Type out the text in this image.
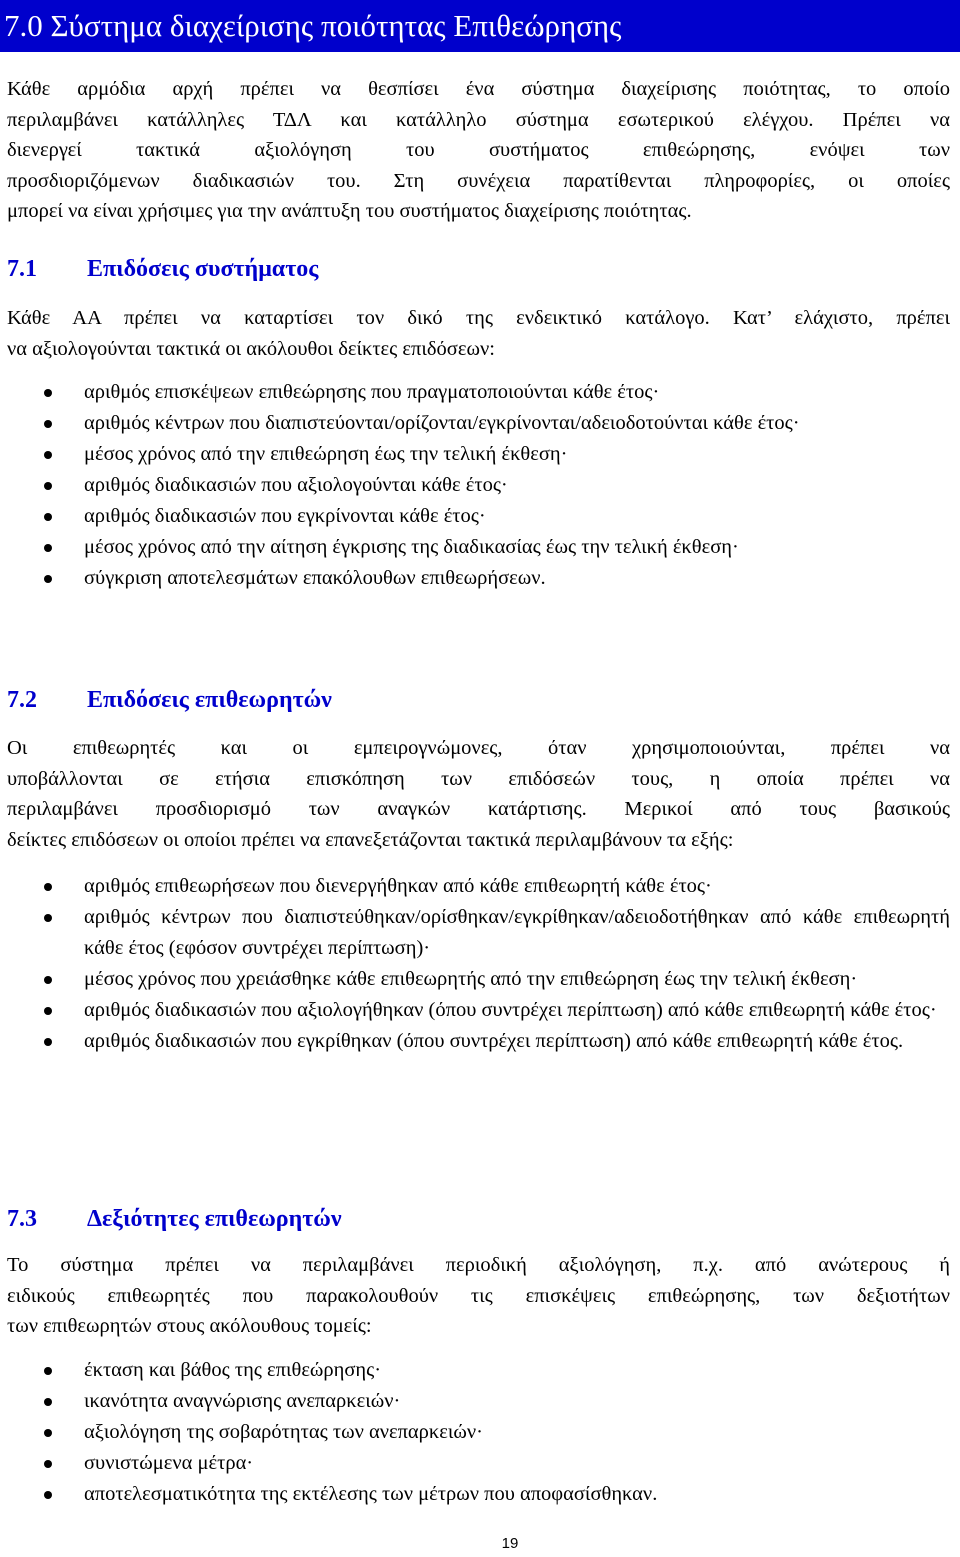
7.0 Σύστημα διαχείρισης ποιότητας Επιθεώρησης
Κάθε αρμόδια αρχή πρέπει να θεσπίσει ένα σύστημα διαχείρισης ποιότητας, το οποίο
περιλαμβάνει κατάλληλες ΤΔΛ και κατάλληλο σύστημα εσωτερικού ελέγχου. Πρέπει να
διενεργεί τακτικά αξιολόγηση του συστήματος επιθεώρησης, ενόψει των
προσδιοριζόμενων διαδικασιών του. Στη συνέχεια παρατίθενται πληροφορίες, οι οποίες
μπορεί να είναι χρήσιμες για την ανάπτυξη του συστήματος διαχείρισης ποιότητας.
7.1 Επιδόσεις συστήματος
Κάθε ΑΑ πρέπει να καταρτίσει τον δικό της ενδεικτικό κατάλογο. Κατ’ ελάχιστο, πρέπει
να αξιολογούνται τακτικά οι ακόλουθοι δείκτες επιδόσεων:
αριθμός επισκέψεων επιθεώρησης που πραγματοποιούνται κάθε έτος·
αριθμός κέντρων που διαπιστεύονται/ορίζονται/εγκρίνονται/αδειοδοτούνται κάθε έτος·
μέσος χρόνος από την επιθεώρηση έως την τελική έκθεση·
αριθμός διαδικασιών που αξιολογούνται κάθε έτος·
αριθμός διαδικασιών που εγκρίνονται κάθε έτος·
μέσος χρόνος από την αίτηση έγκρισης της διαδικασίας έως την τελική έκθεση·
σύγκριση αποτελεσμάτων επακόλουθων επιθεωρήσεων.
7.2 Επιδόσεις επιθεωρητών
Οι επιθεωρητές και οι εμπειρογνώμονες, όταν χρησιμοποιούνται, πρέπει να
υποβάλλονται σε ετήσια επισκόπηση των επιδόσεών τους, η οποία πρέπει να
περιλαμβάνει προσδιορισμό των αναγκών κατάρτισης. Μερικοί από τους βασικούς
δείκτες επιδόσεων οι οποίοι πρέπει να επανεξετάζονται τακτικά περιλαμβάνουν τα εξής:
αριθμός επιθεωρήσεων που διενεργήθηκαν από κάθε επιθεωρητή κάθε έτος·
αριθμός κέντρων που διαπιστεύθηκαν/ορίσθηκαν/εγκρίθηκαν/αδειοδοτήθηκαν από κάθε επιθεωρητή κάθε έτος (εφόσον συντρέχει περίπτωση)·
μέσος χρόνος που χρειάσθηκε κάθε επιθεωρητής από την επιθεώρηση έως την τελική έκθεση·
αριθμός διαδικασιών που αξιολογήθηκαν (όπου συντρέχει περίπτωση) από κάθε επιθεωρητή κάθε έτος·
αριθμός διαδικασιών που εγκρίθηκαν (όπου συντρέχει περίπτωση) από κάθε επιθεωρητή κάθε έτος.
7.3 Δεξιότητες επιθεωρητών
Το σύστημα πρέπει να περιλαμβάνει περιοδική αξιολόγηση, π.χ. από ανώτερους ή
ειδικούς επιθεωρητές που παρακολουθούν τις επισκέψεις επιθεώρησης, των δεξιοτήτων
των επιθεωρητών στους ακόλουθους τομείς:
έκταση και βάθος της επιθεώρησης·
ικανότητα αναγνώρισης ανεπαρκειών·
αξιολόγηση της σοβαρότητας των ανεπαρκειών·
συνιστώμενα μέτρα·
αποτελεσματικότητα της εκτέλεσης των μέτρων που αποφασίσθηκαν.
19
